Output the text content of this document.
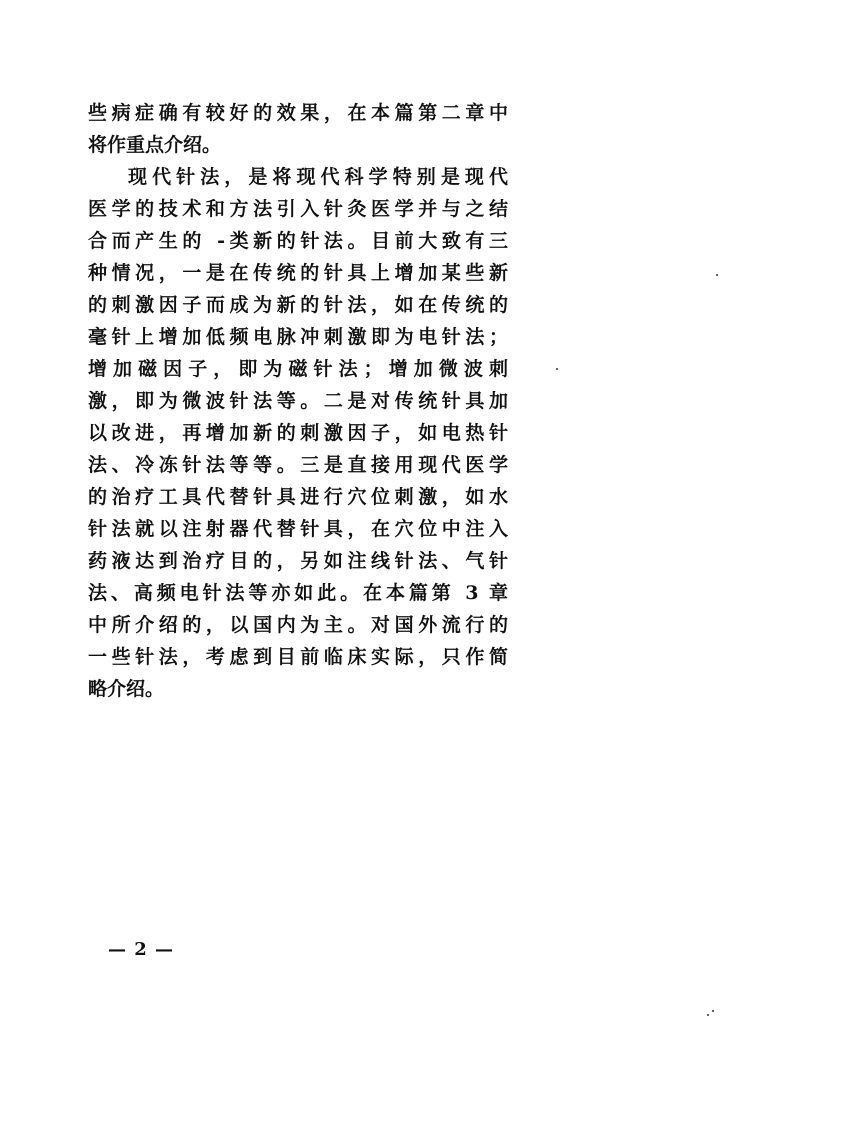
些病症确有较好的效果，在本篇第二章中
将作重点介绍。
现代针法，是将现代科学特别是现代
医学的技术和方法引入针灸医学并与之结
合而产生的 -类新的针法。目前大致有三
种情况，一是在传统的针具上增加某些新
的刺激因子而成为新的针法，如在传统的
毫针上增加低频电脉冲刺激即为电针法；
增加磁因子，即为磁针法；增加微波刺
激，即为微波针法等。二是对传统针具加
以改进，再增加新的刺激因子，如电热针
法、冷冻针法等等。三是直接用现代医学
的治疗工具代替针具进行穴位刺激，如水
针法就以注射器代替针具，在穴位中注入
药液达到治疗目的，另如注线针法、气针
法、高频电针法等亦如此。在本篇第 3 章
中所介绍的，以国内为主。对国外流行的
一些针法，考虑到目前临床实际，只作简
略介绍。
— 2 —
